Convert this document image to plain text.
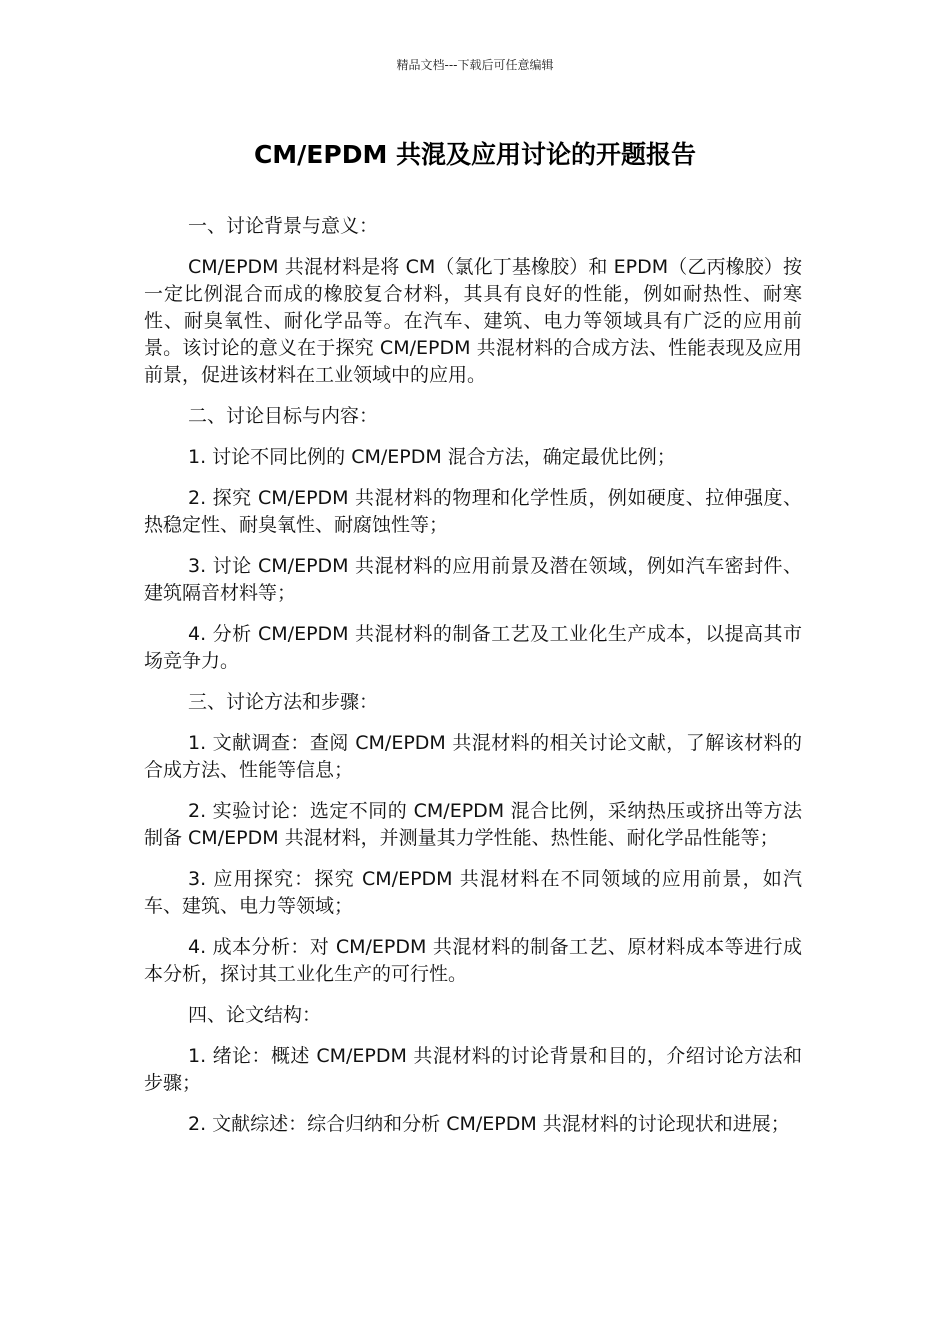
精品文档---下载后可任意编辑
CM/EPDM 共混及应用讨论的开题报告

一、讨论背景与意义：

CM/EPDM 共混材料是将 CM（氯化丁基橡胶）和 EPDM（乙丙橡胶）按一定比例混合而成的橡胶复合材料，其具有良好的性能，例如耐热性、耐寒性、耐臭氧性、耐化学品等。在汽车、建筑、电力等领域具有广泛的应用前景。该讨论的意义在于探究 CM/EPDM 共混材料的合成方法、性能表现及应用前景，促进该材料在工业领域中的应用。

二、讨论目标与内容：

1. 讨论不同比例的 CM/EPDM 混合方法，确定最优比例；

2. 探究 CM/EPDM 共混材料的物理和化学性质，例如硬度、拉伸强度、热稳定性、耐臭氧性、耐腐蚀性等；

3. 讨论 CM/EPDM 共混材料的应用前景及潜在领域，例如汽车密封件、建筑隔音材料等；

4. 分析 CM/EPDM 共混材料的制备工艺及工业化生产成本，以提高其市场竞争力。

三、讨论方法和步骤：

1. 文献调查：查阅 CM/EPDM 共混材料的相关讨论文献，了解该材料的合成方法、性能等信息；

2. 实验讨论：选定不同的 CM/EPDM 混合比例，采纳热压或挤出等方法制备 CM/EPDM 共混材料，并测量其力学性能、热性能、耐化学品性能等；

3. 应用探究：探究 CM/EPDM 共混材料在不同领域的应用前景，如汽车、建筑、电力等领域；

4. 成本分析：对 CM/EPDM 共混材料的制备工艺、原材料成本等进行成本分析，探讨其工业化生产的可行性。

四、论文结构：

1. 绪论：概述 CM/EPDM 共混材料的讨论背景和目的，介绍讨论方法和步骤；

2. 文献综述：综合归纳和分析 CM/EPDM 共混材料的讨论现状和进展；
